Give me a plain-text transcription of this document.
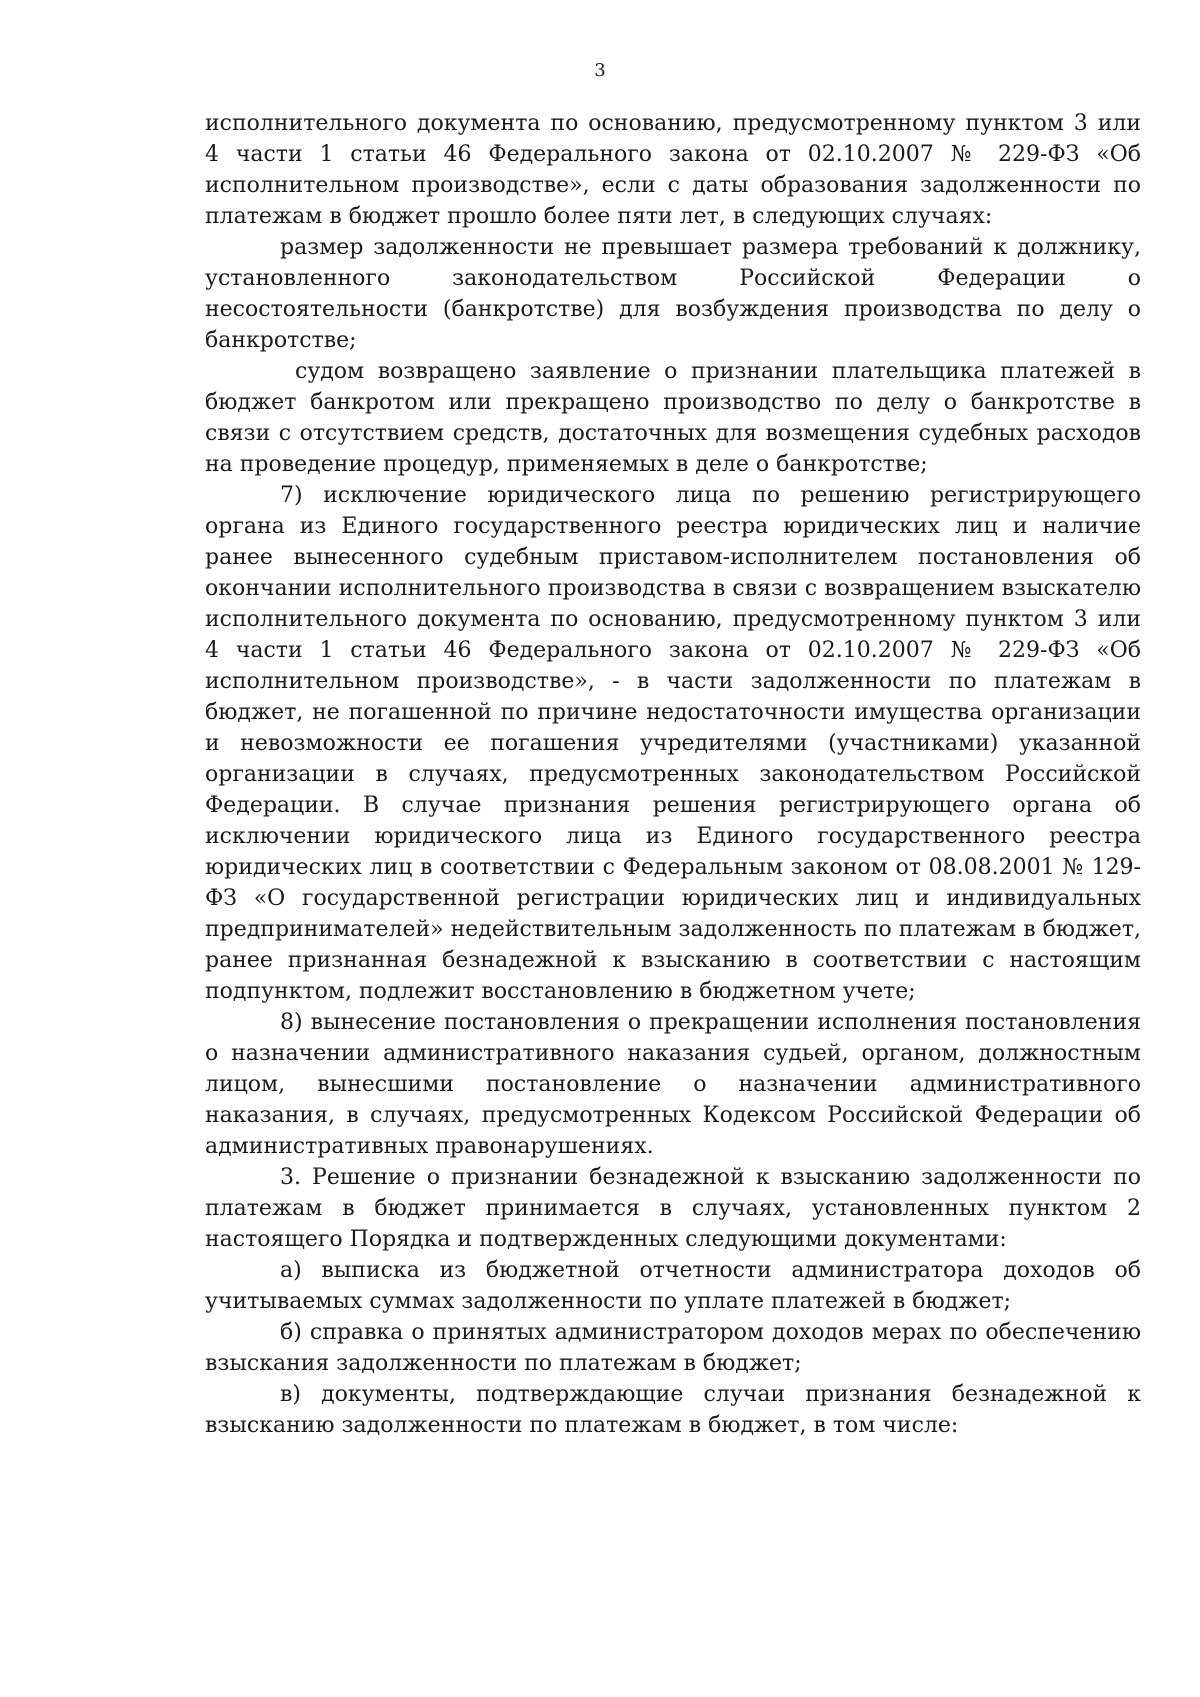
3

исполнительного документа по основанию, предусмотренному пунктом 3 или 4 части 1 статьи 46 Федерального закона от 02.10.2007 № 229-ФЗ «Об исполнительном производстве», если с даты образования задолженности по платежам в бюджет прошло более пяти лет, в следующих случаях:

размер задолженности не превышает размера требований к должнику, установленного законодательством Российской Федерации о несостоятельности (банкротстве) для возбуждения производства по делу о банкротстве;

судом возвращено заявление о признании плательщика платежей в бюджет банкротом или прекращено производство по делу о банкротстве в связи с отсутствием средств, достаточных для возмещения судебных расходов на проведение процедур, применяемых в деле о банкротстве;

7) исключение юридического лица по решению регистрирующего органа из Единого государственного реестра юридических лиц и наличие ранее вынесенного судебным приставом-исполнителем постановления об окончании исполнительного производства в связи с возвращением взыскателю исполнительного документа по основанию, предусмотренному пунктом 3 или 4 части 1 статьи 46 Федерального закона от 02.10.2007 № 229-ФЗ «Об исполнительном производстве», - в части задолженности по платежам в бюджет, не погашенной по причине недостаточности имущества организации и невозможности ее погашения учредителями (участниками) указанной организации в случаях, предусмотренных законодательством Российской Федерации. В случае признания решения регистрирующего органа об исключении юридического лица из Единого государственного реестра юридических лиц в соответствии с Федеральным законом от 08.08.2001 № 129-ФЗ «О государственной регистрации юридических лиц и индивидуальных предпринимателей» недействительным задолженность по платежам в бюджет, ранее признанная безнадежной к взысканию в соответствии с настоящим подпунктом, подлежит восстановлению в бюджетном учете;

8) вынесение постановления о прекращении исполнения постановления о назначении административного наказания судьей, органом, должностным лицом, вынесшими постановление о назначении административного наказания, в случаях, предусмотренных Кодексом Российской Федерации об административных правонарушениях.

3. Решение о признании безнадежной к взысканию задолженности по платежам в бюджет принимается в случаях, установленных пунктом 2 настоящего Порядка и подтвержденных следующими документами:

а) выписка из бюджетной отчетности администратора доходов об учитываемых суммах задолженности по уплате платежей в бюджет;

б) справка о принятых администратором доходов мерах по обеспечению взыскания задолженности по платежам в бюджет;

в) документы, подтверждающие случаи признания безнадежной к взысканию задолженности по платежам в бюджет, в том числе:
